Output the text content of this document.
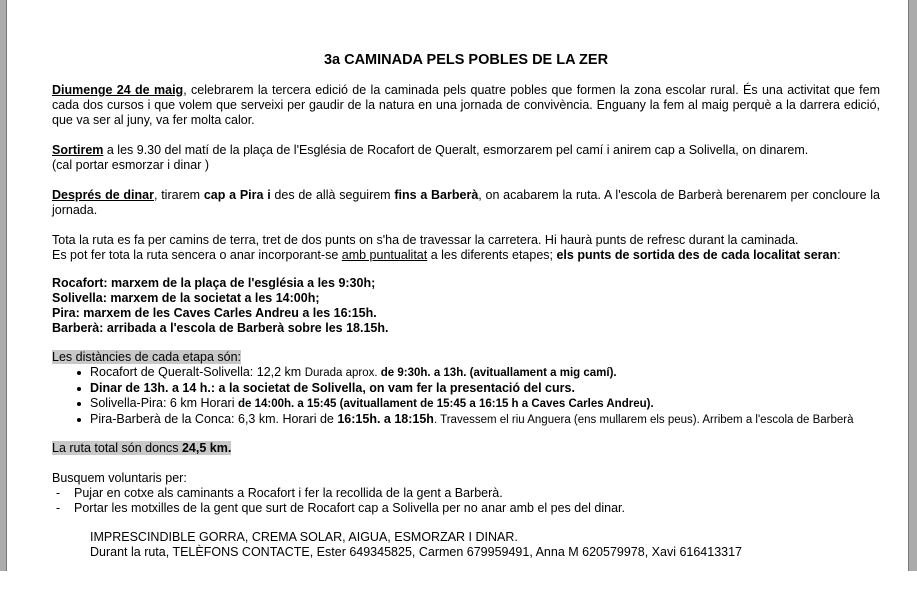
3a CAMINADA PELS POBLES DE LA ZER
Diumenge 24 de maig, celebrarem la tercera edició de la caminada pels quatre pobles que formen la zona escolar rural. És una activitat que fem cada dos cursos i que volem que serveixi per gaudir de la natura en una jornada de convivència. Enguany la fem al maig perquè a la darrera edició, que va ser al juny, va fer molta calor.
Sortirem a les 9.30 del matí de la plaça de l'Església de Rocafort de Queralt, esmorzarem pel camí i anirem cap a Solivella, on dinarem.
(cal portar esmorzar i dinar )
Després de dinar, tirarem cap a Pira i des de allà seguirem fins a Barberà, on acabarem la ruta. A l'escola de Barberà berenarem per concloure la jornada.
Tota la ruta es fa per camins de terra, tret de dos punts on s'ha de travessar la carretera. Hi haurà punts de refresc durant la caminada.
Es pot fer tota la ruta sencera o anar incorporant-se amb puntualitat a les diferents etapes; els punts de sortida des de cada localitat seran:
Rocafort: marxem de la plaça de l'església a les 9:30h;
Solivella: marxem de la societat a les 14:00h;
Pira: marxem de les Caves Carles Andreu a les 16:15h.
Barberà: arribada a l'escola de Barberà sobre les 18.15h.
Les distàncies de cada etapa són:
Rocafort de Queralt-Solivella: 12,2 km Durada aprox. de 9:30h. a 13h. (avituallament a mig camí).
Dinar de 13h. a 14 h.: a la societat de Solivella, on vam fer la presentació del curs.
Solivella-Pira: 6 km Horari de 14:00h. a 15:45 (avituallament de 15:45 a 16:15 h a Caves Carles Andreu).
Pira-Barberà de la Conca: 6,3 km. Horari de 16:15h. a 18:15h. Travessem el riu Anguera (ens mullarem els peus). Arribem a l'escola de Barberà
La ruta total són doncs 24,5 km.
Busquem voluntaris per:
- Pujar en cotxe als caminants a Rocafort i fer la recollida de la gent a Barberà.
- Portar les motxilles de la gent que surt de Rocafort cap a Solivella per no anar amb el pes del dinar.
IMPRESCINDIBLE GORRA, CREMA SOLAR, AIGUA, ESMORZAR I DINAR.
Durant la ruta, TELÈFONS CONTACTE, Ester 649345825, Carmen 679959491, Anna M 620579978, Xavi 616413317
